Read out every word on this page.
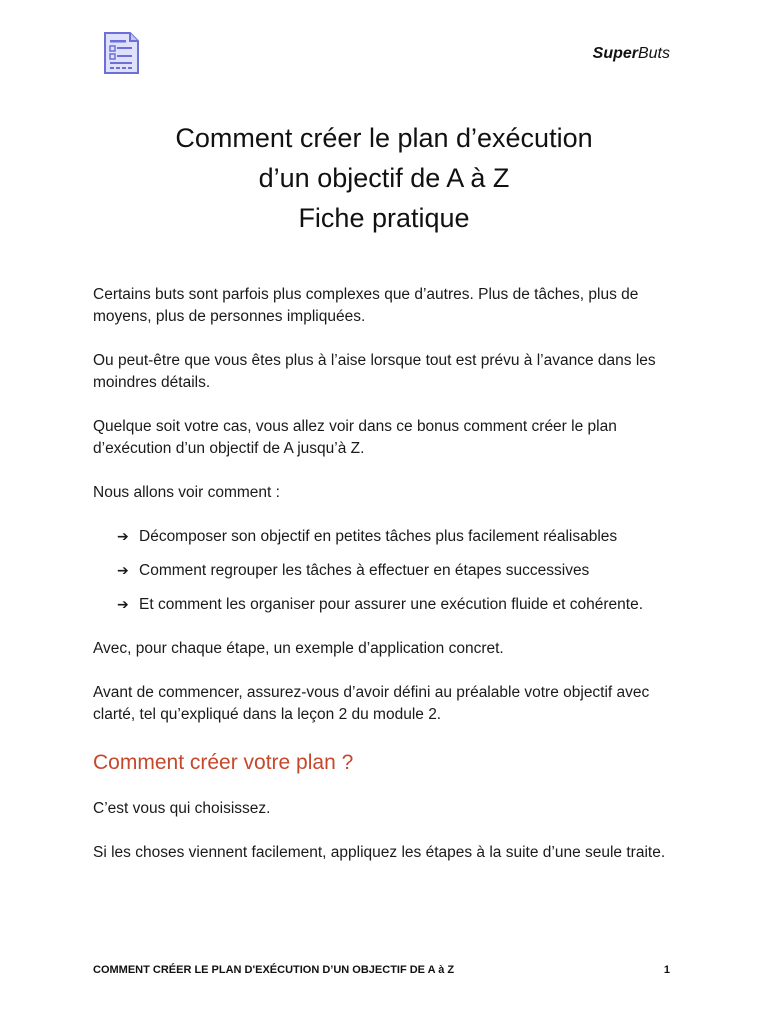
SuperButs
Comment créer le plan d’exécution
d’un objectif de A à Z
Fiche pratique

Certains buts sont parfois plus complexes que d’autres. Plus de tâches, plus de moyens, plus de personnes impliquées.

Ou peut-être que vous êtes plus à l’aise lorsque tout est prévu à l’avance dans les moindres détails.

Quelque soit votre cas, vous allez voir dans ce bonus comment créer le plan d’exécution d’un objectif de A jusqu’à Z.

Nous allons voir comment :

➔ Décomposer son objectif en petites tâches plus facilement réalisables
➔ Comment regrouper les tâches à effectuer en étapes successives
➔ Et comment les organiser pour assurer une exécution fluide et cohérente.

Avec, pour chaque étape, un exemple d’application concret.

Avant de commencer, assurez-vous d’avoir défini au préalable votre objectif avec clarté, tel qu’expliqué dans la leçon 2 du module 2.

Comment créer votre plan ?

C’est vous qui choisissez.

Si les choses viennent facilement, appliquez les étapes à la suite d’une seule traite.

COMMENT CRÉER LE PLAN D'EXÉCUTION D’UN OBJECTIF DE A à Z	1
